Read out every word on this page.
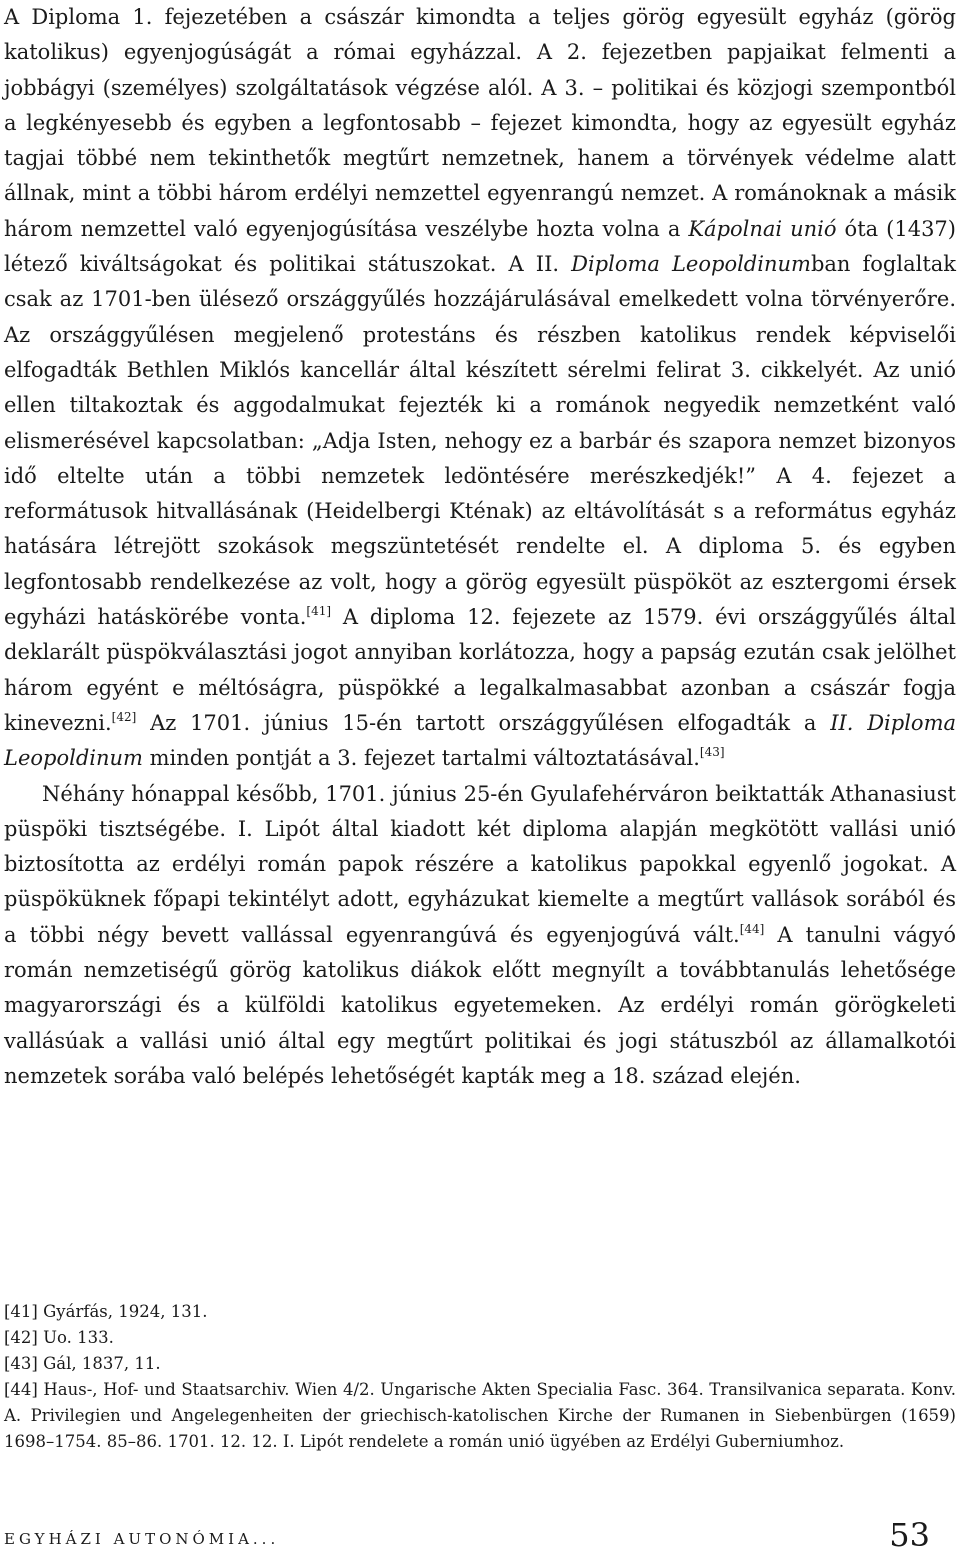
A Diploma 1. fejezetében a császár kimondta a teljes görög egyesült egyház (görög katolikus) egyenjogúságát a római egyházzal. A 2. fejezetben papjaikat felmenti a jobbágyi (személyes) szolgáltatások végzése alól. A 3. – politikai és közjogi szempontból a legkényesebb és egyben a legfontosabb – fejezet kimondta, hogy az egyesült egyház tagjai többé nem tekinthetők megtűrt nemzetnek, hanem a törvények védelme alatt állnak, mint a többi három erdélyi nemzettel egyenrangú nemzet. A románoknak a másik három nemzettel való egyenjogúsítása veszélybe hozta volna a Kápolnai unió óta (1437) létező kiváltságokat és politikai státuszokat. A II. Diploma Leopoldinumban foglaltak csak az 1701-ben ülésező országgyűlés hozzájárulásával emelkedett volna törvényerőre. Az országgyűlésen megjelenő protestáns és részben katolikus rendek képviselői elfogadták Bethlen Miklós kancellár által készített sérelmi felirat 3. cikkelyét. Az unió ellen tiltakoztak és aggodalmukat fejezték ki a románok negyedik nemzetként való elismerésével kapcsolatban: „Adja Isten, nehogy ez a barbár és szapora nemzet bizonyos idő eltelte után a többi nemzetek ledöntésére merészkedjék!” A 4. fejezet a reformátusok hitvallásának (Heidelbergi Kténak) az eltávolítását s a református egyház hatására létrejött szokások megszüntetését rendelte el. A diploma 5. és egyben legfontosabb rendelkezése az volt, hogy a görög egyesült püspököt az esztergomi érsek egyházi hatáskörébe vonta.[41] A diploma 12. fejezete az 1579. évi országgyűlés által deklarált püspökválasztási jogot annyiban korlátozza, hogy a papság ezután csak jelölhet három egyént e méltóságra, püspökké a legalkalmasabbat azonban a császár fogja kinevezni.[42] Az 1701. június 15-én tartott országgyűlésen elfogadták a II. Diploma Leopoldinum minden pontját a 3. fejezet tartalmi változtatásával.[43]

Néhány hónappal később, 1701. június 25-én Gyulafehérváron beiktatták Athanasiust püspöki tisztségébe. I. Lipót által kiadott két diploma alapján megkötött vallási unió biztosította az erdélyi román papok részére a katolikus papokkal egyenlő jogokat. A püspöküknek főpapi tekintélyt adott, egyházukat kiemelte a megtűrt vallások sorából és a többi négy bevett vallással egyenrangúvá és egyenjogúvá vált.[44] A tanulni vágyó román nemzetiségű görög katolikus diákok előtt megnyílt a továbbtanulás lehetősége magyarországi és a külföldi katolikus egyetemeken. Az erdélyi román görögkeleti vallásúak a vallási unió által egy megtűrt politikai és jogi státuszból az államalkotói nemzetek sorába való belépés lehetőségét kapták meg a 18. század elején.

[41] Gyárfás, 1924, 131.

[42] Uo. 133.

[43] Gál, 1837, 11.

[44] Haus-, Hof- und Staatsarchiv. Wien 4/2. Ungarische Akten Specialia Fasc. 364. Transilvanica separata. Konv. A. Privilegien und Angelegenheiten der griechisch-katolischen Kirche der Rumanen in Siebenbürgen (1659) 1698–1754. 85–86. 1701. 12. 12. I. Lipót rendelete a román unió ügyében az Erdélyi Guberniumhoz.

EGYHÁZI AUTONÓMIA...	53
